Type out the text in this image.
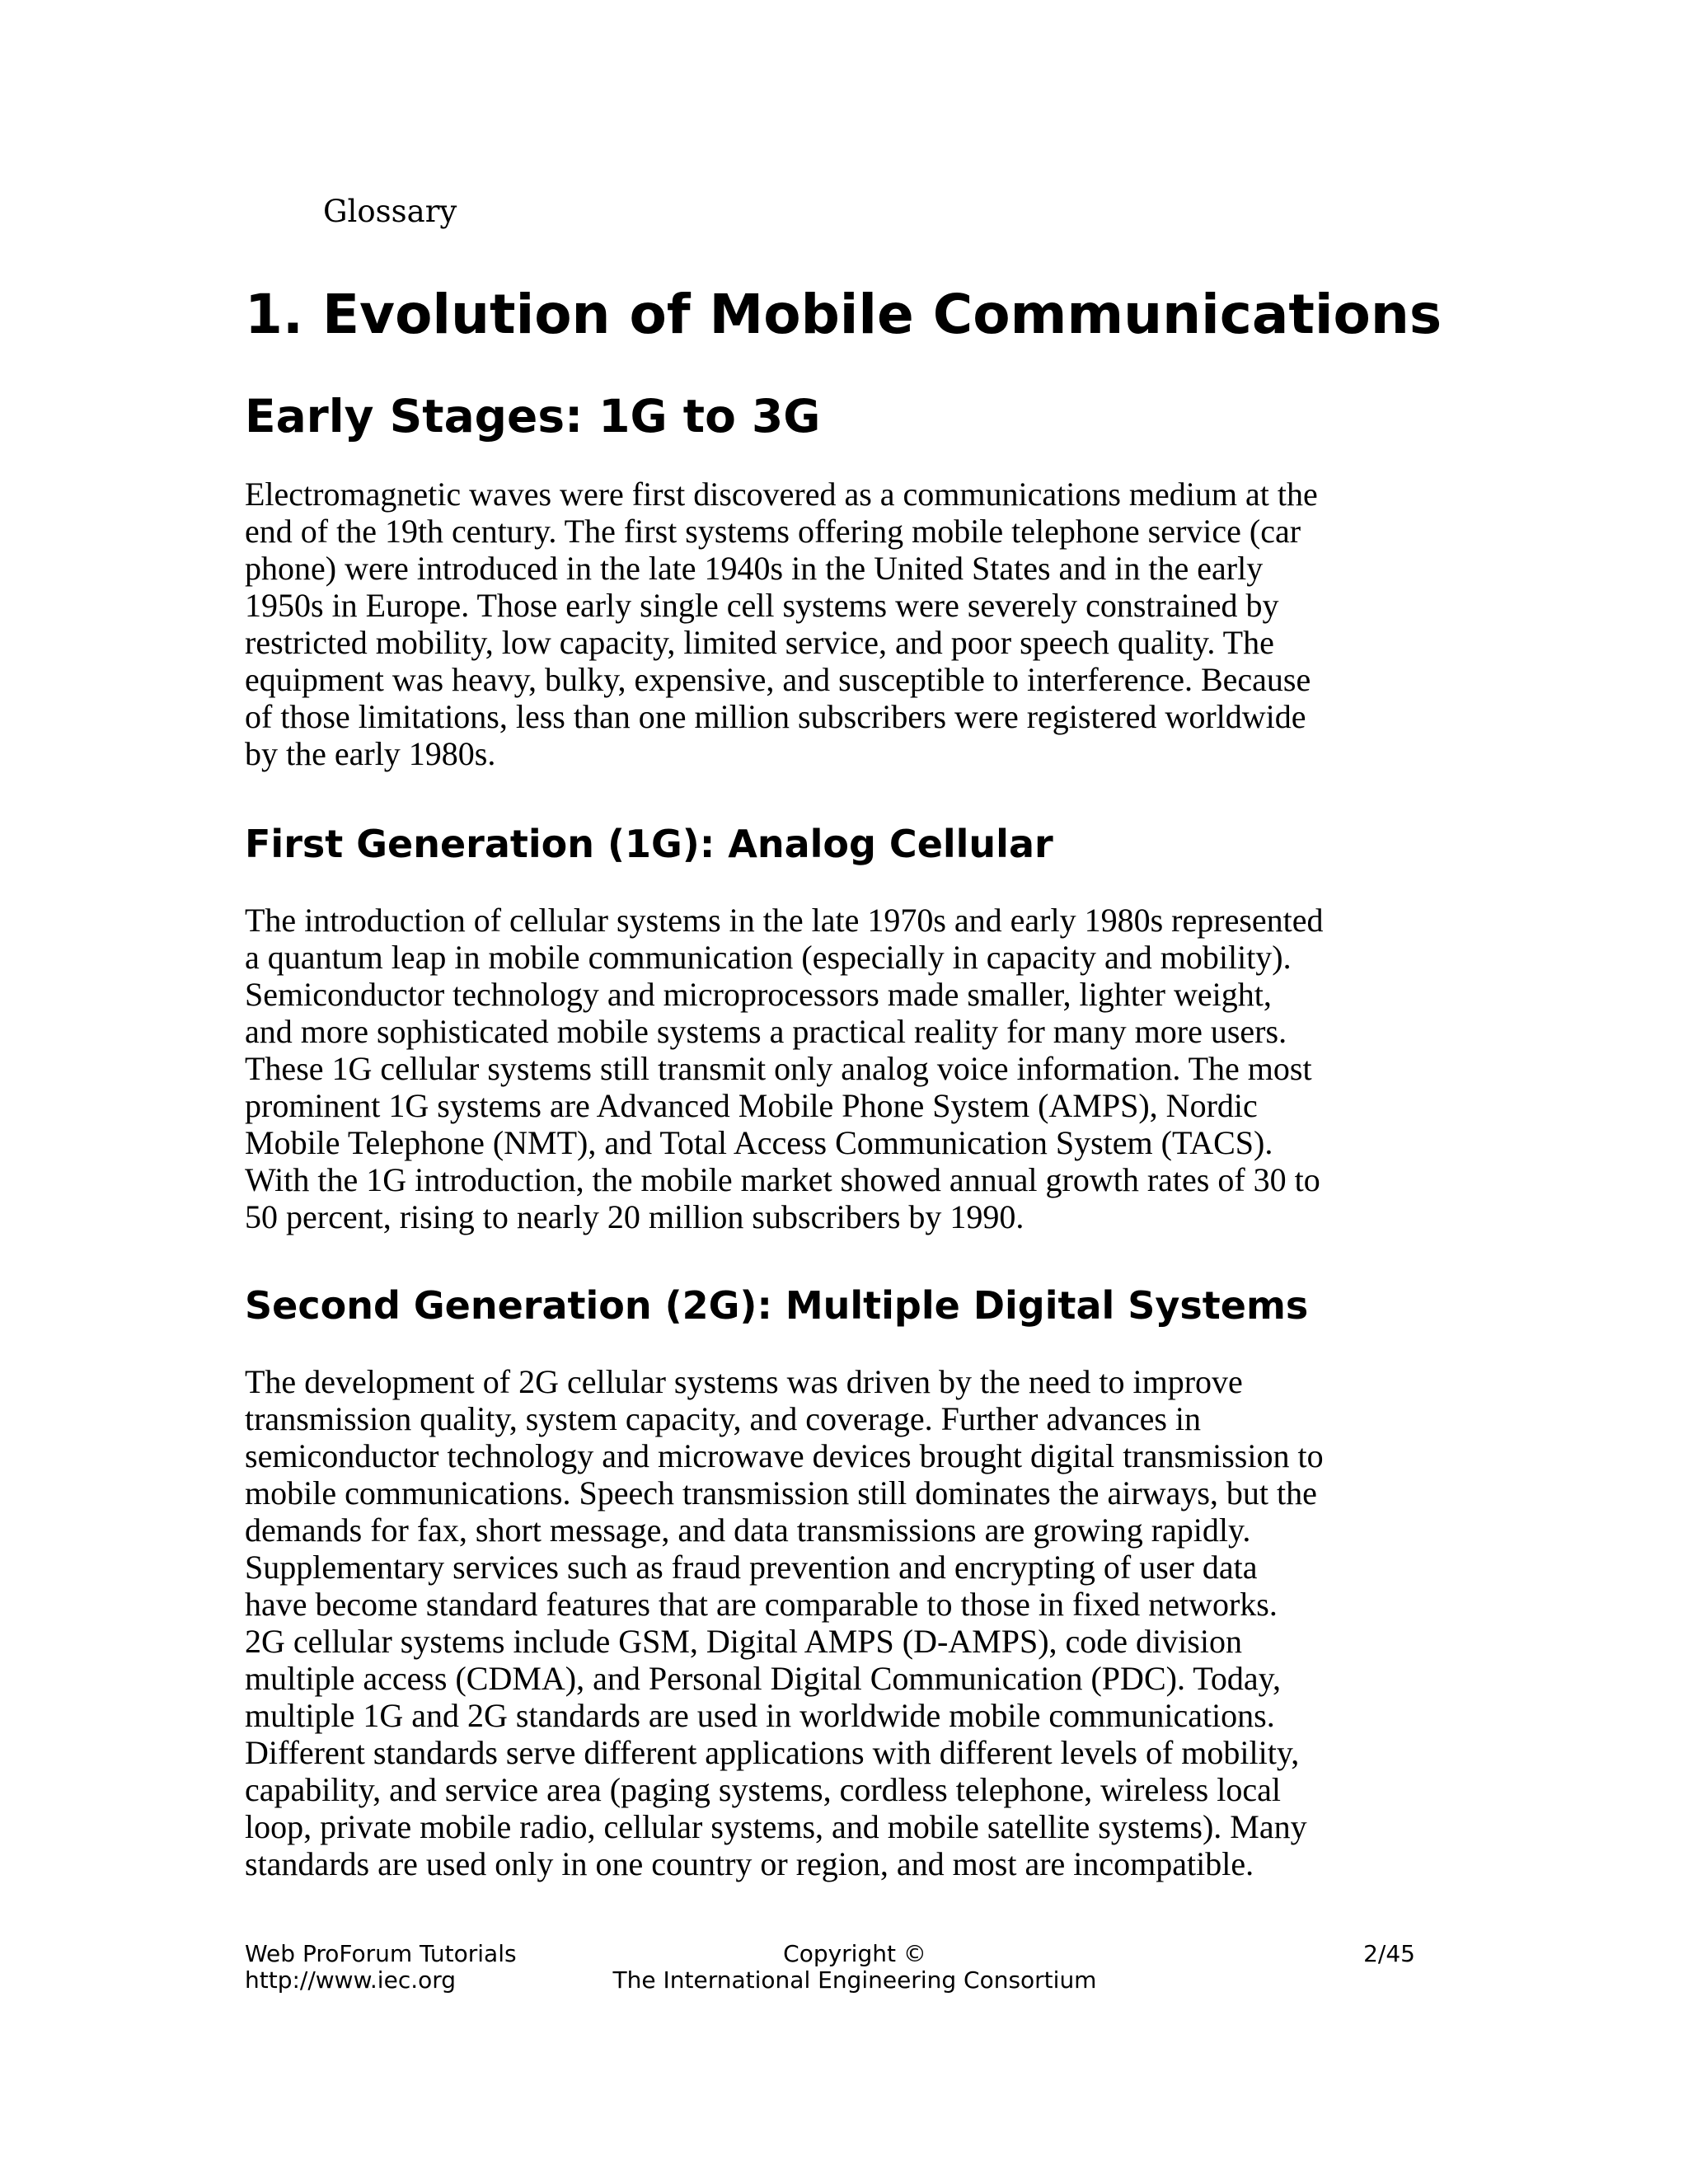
Glossary
1. Evolution of Mobile Communications
Early Stages: 1G to 3G
Electromagnetic waves were first discovered as a communications medium at the
end of the 19th century. The first systems offering mobile telephone service (car
phone) were introduced in the late 1940s in the United States and in the early
1950s in Europe. Those early single cell systems were severely constrained by
restricted mobility, low capacity, limited service, and poor speech quality. The
equipment was heavy, bulky, expensive, and susceptible to interference. Because
of those limitations, less than one million subscribers were registered worldwide
by the early 1980s.
First Generation (1G): Analog Cellular
The introduction of cellular systems in the late 1970s and early 1980s represented
a quantum leap in mobile communication (especially in capacity and mobility).
Semiconductor technology and microprocessors made smaller, lighter weight,
and more sophisticated mobile systems a practical reality for many more users.
These 1G cellular systems still transmit only analog voice information. The most
prominent 1G systems are Advanced Mobile Phone System (AMPS), Nordic
Mobile Telephone (NMT), and Total Access Communication System (TACS).
With the 1G introduction, the mobile market showed annual growth rates of 30 to
50 percent, rising to nearly 20 million subscribers by 1990.
Second Generation (2G): Multiple Digital Systems
The development of 2G cellular systems was driven by the need to improve
transmission quality, system capacity, and coverage. Further advances in
semiconductor technology and microwave devices brought digital transmission to
mobile communications. Speech transmission still dominates the airways, but the
demands for fax, short message, and data transmissions are growing rapidly.
Supplementary services such as fraud prevention and encrypting of user data
have become standard features that are comparable to those in fixed networks.
2G cellular systems include GSM, Digital AMPS (D-AMPS), code division
multiple access (CDMA), and Personal Digital Communication (PDC). Today,
multiple 1G and 2G standards are used in worldwide mobile communications.
Different standards serve different applications with different levels of mobility,
capability, and service area (paging systems, cordless telephone, wireless local
loop, private mobile radio, cellular systems, and mobile satellite systems). Many
standards are used only in one country or region, and most are incompatible.
Web ProForum Tutorials
http://www.iec.org
Copyright ©
The International Engineering Consortium
2/45
